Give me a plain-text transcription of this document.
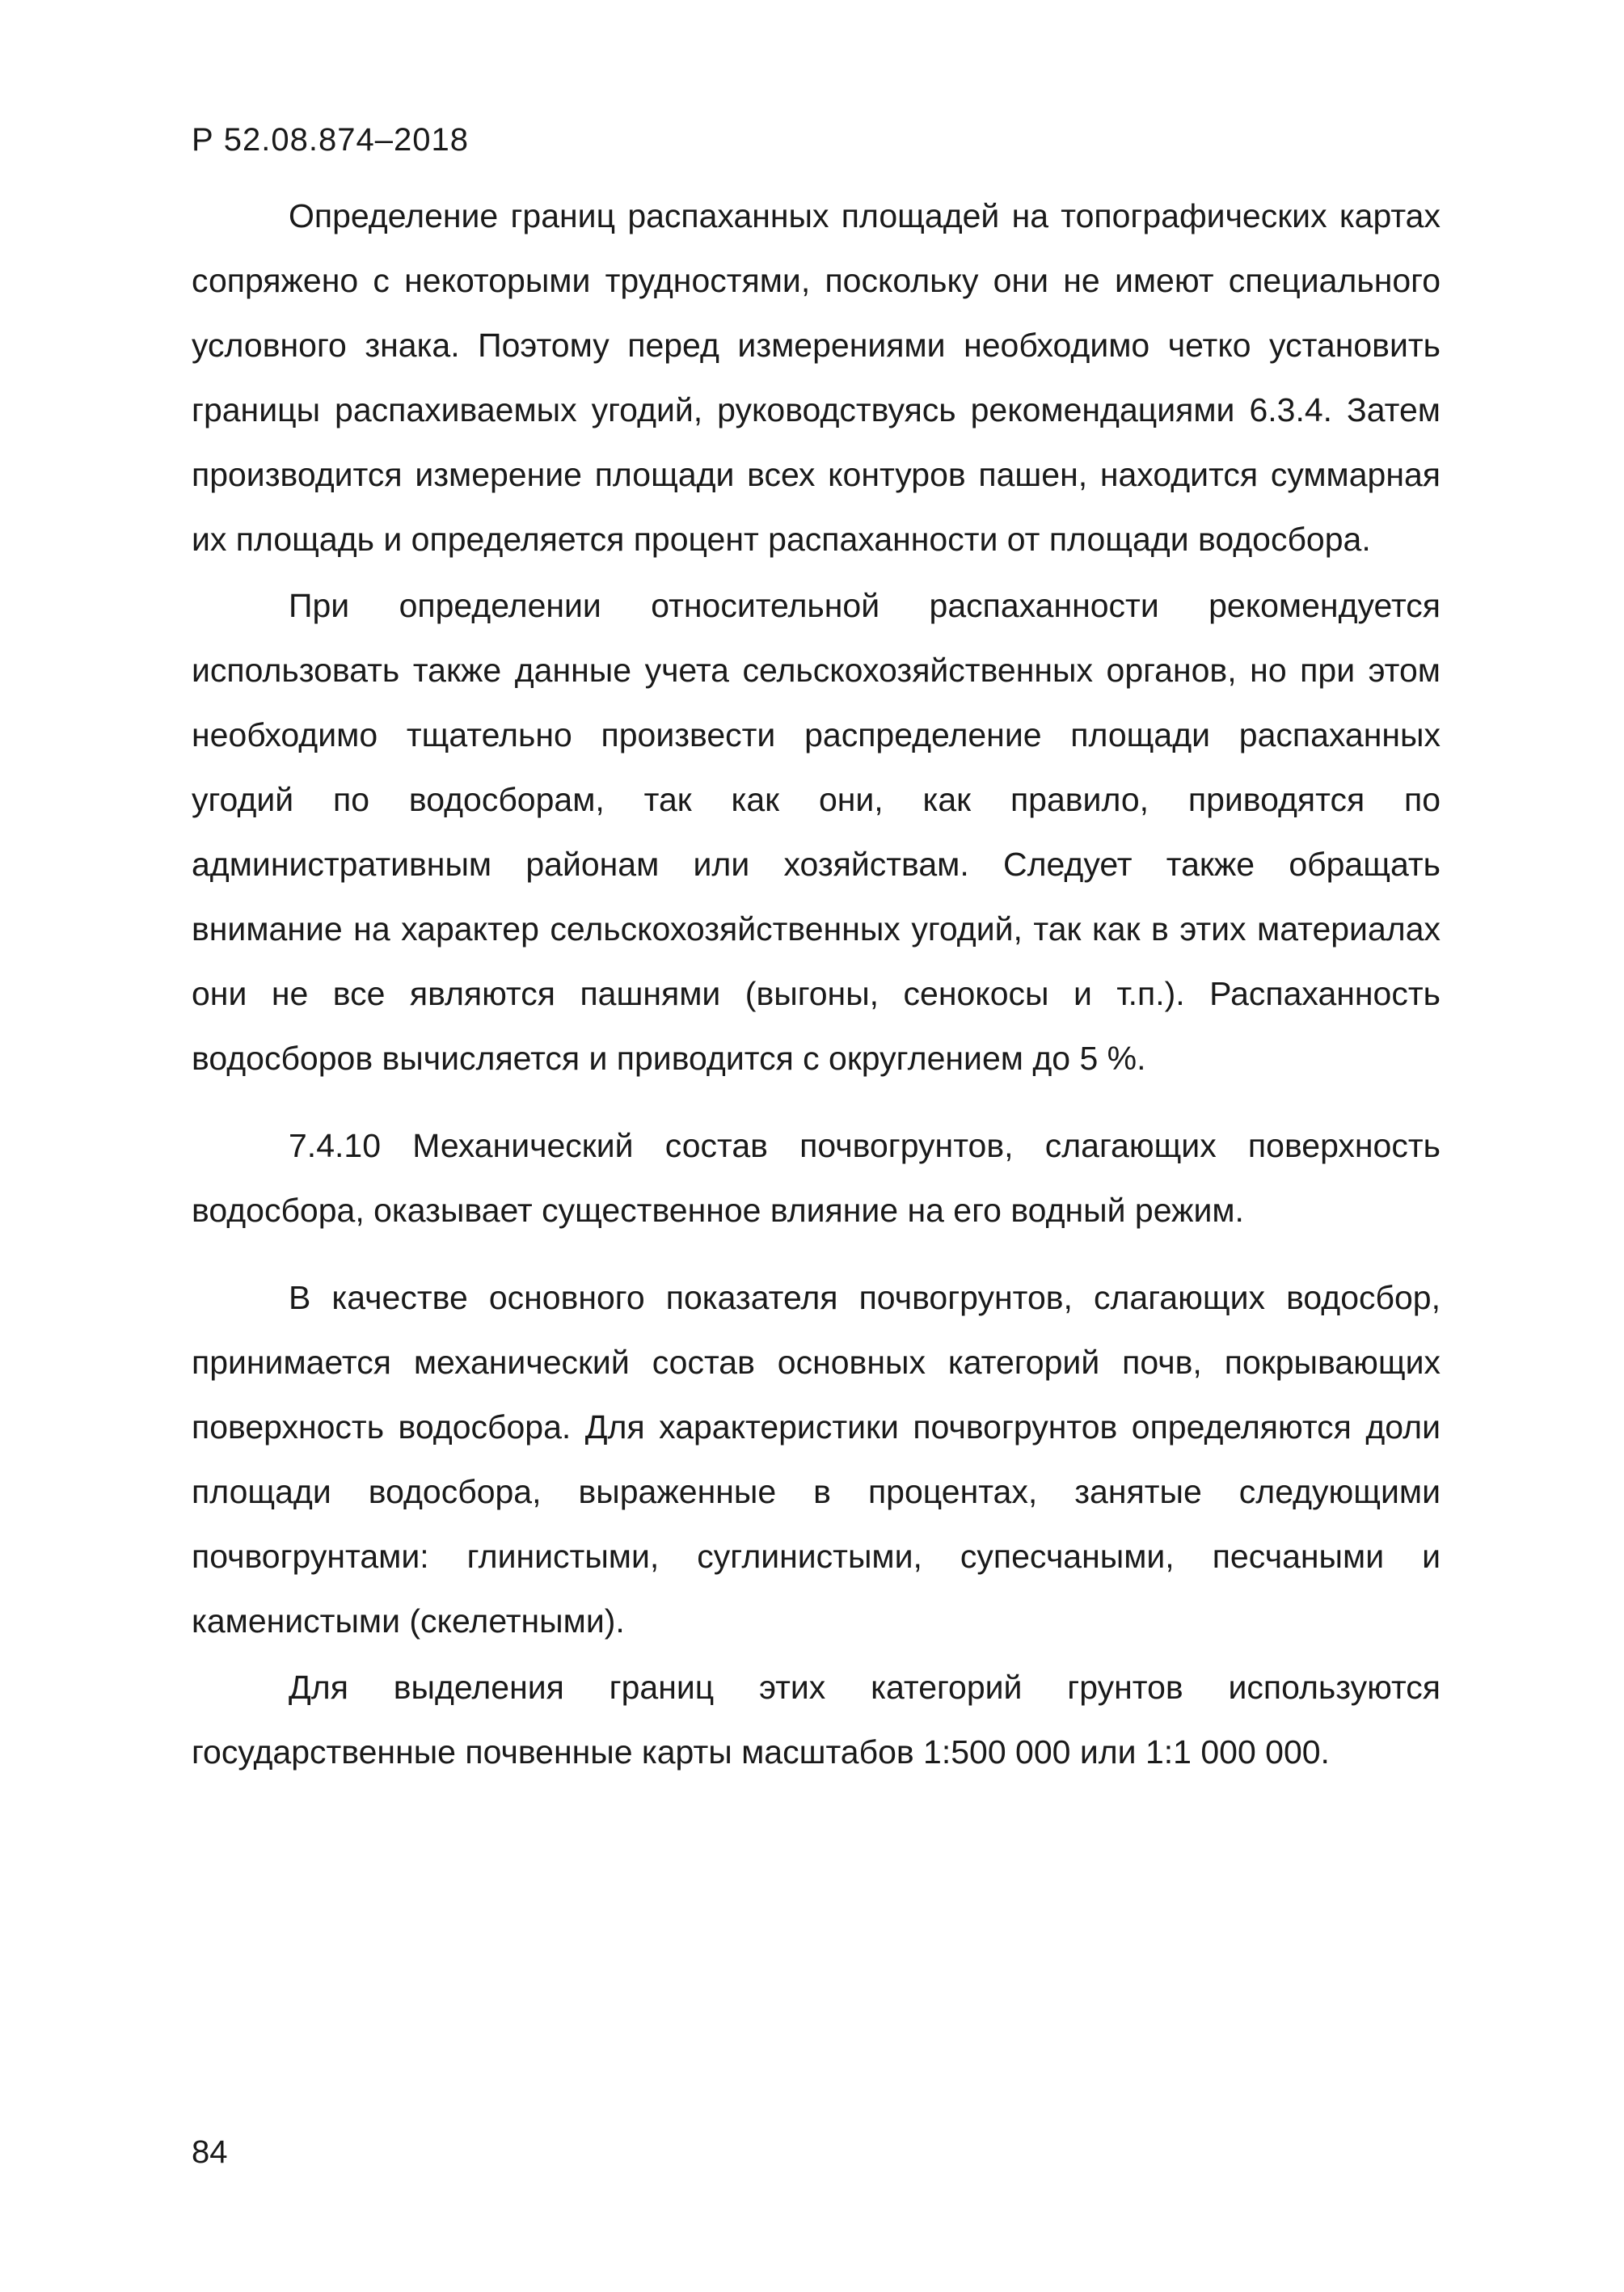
Р 52.08.874–2018

Определение границ распаханных площадей на топографических картах сопряжено с некоторыми трудностями, поскольку они не имеют специального условного знака. Поэтому перед измерениями необходимо четко установить границы распахиваемых угодий, руководствуясь рекомендациями 6.3.4. Затем производится измерение площади всех контуров пашен, находится суммарная их площадь и определяется процент распаханности от площади водосбора.

При определении относительной распаханности рекомендуется использовать также данные учета сельскохозяйственных органов, но при этом необходимо тщательно произвести распределение площади распаханных угодий по водосборам, так как они, как правило, приводятся по административным районам или хозяйствам. Следует также обращать внимание на характер сельскохозяйственных угодий, так как в этих материалах они не все являются пашнями (выгоны, сенокосы и т.п.). Распаханность водосборов вычисляется и приводится с округлением до 5 %.

7.4.10 Механический состав почвогрунтов, слагающих поверхность водосбора, оказывает существенное влияние на его водный режим.

В качестве основного показателя почвогрунтов, слагающих водосбор, принимается механический состав основных категорий почв, покрывающих поверхность водосбора. Для характеристики почвогрунтов определяются доли площади водосбора, выраженные в процентах, занятые следующими почвогрунтами: глинистыми, суглинистыми, супесчаными, песчаными и каменистыми (скелетными).

Для выделения границ этих категорий грунтов используются государственные почвенные карты масштабов 1:500 000 или 1:1 000 000.

84
